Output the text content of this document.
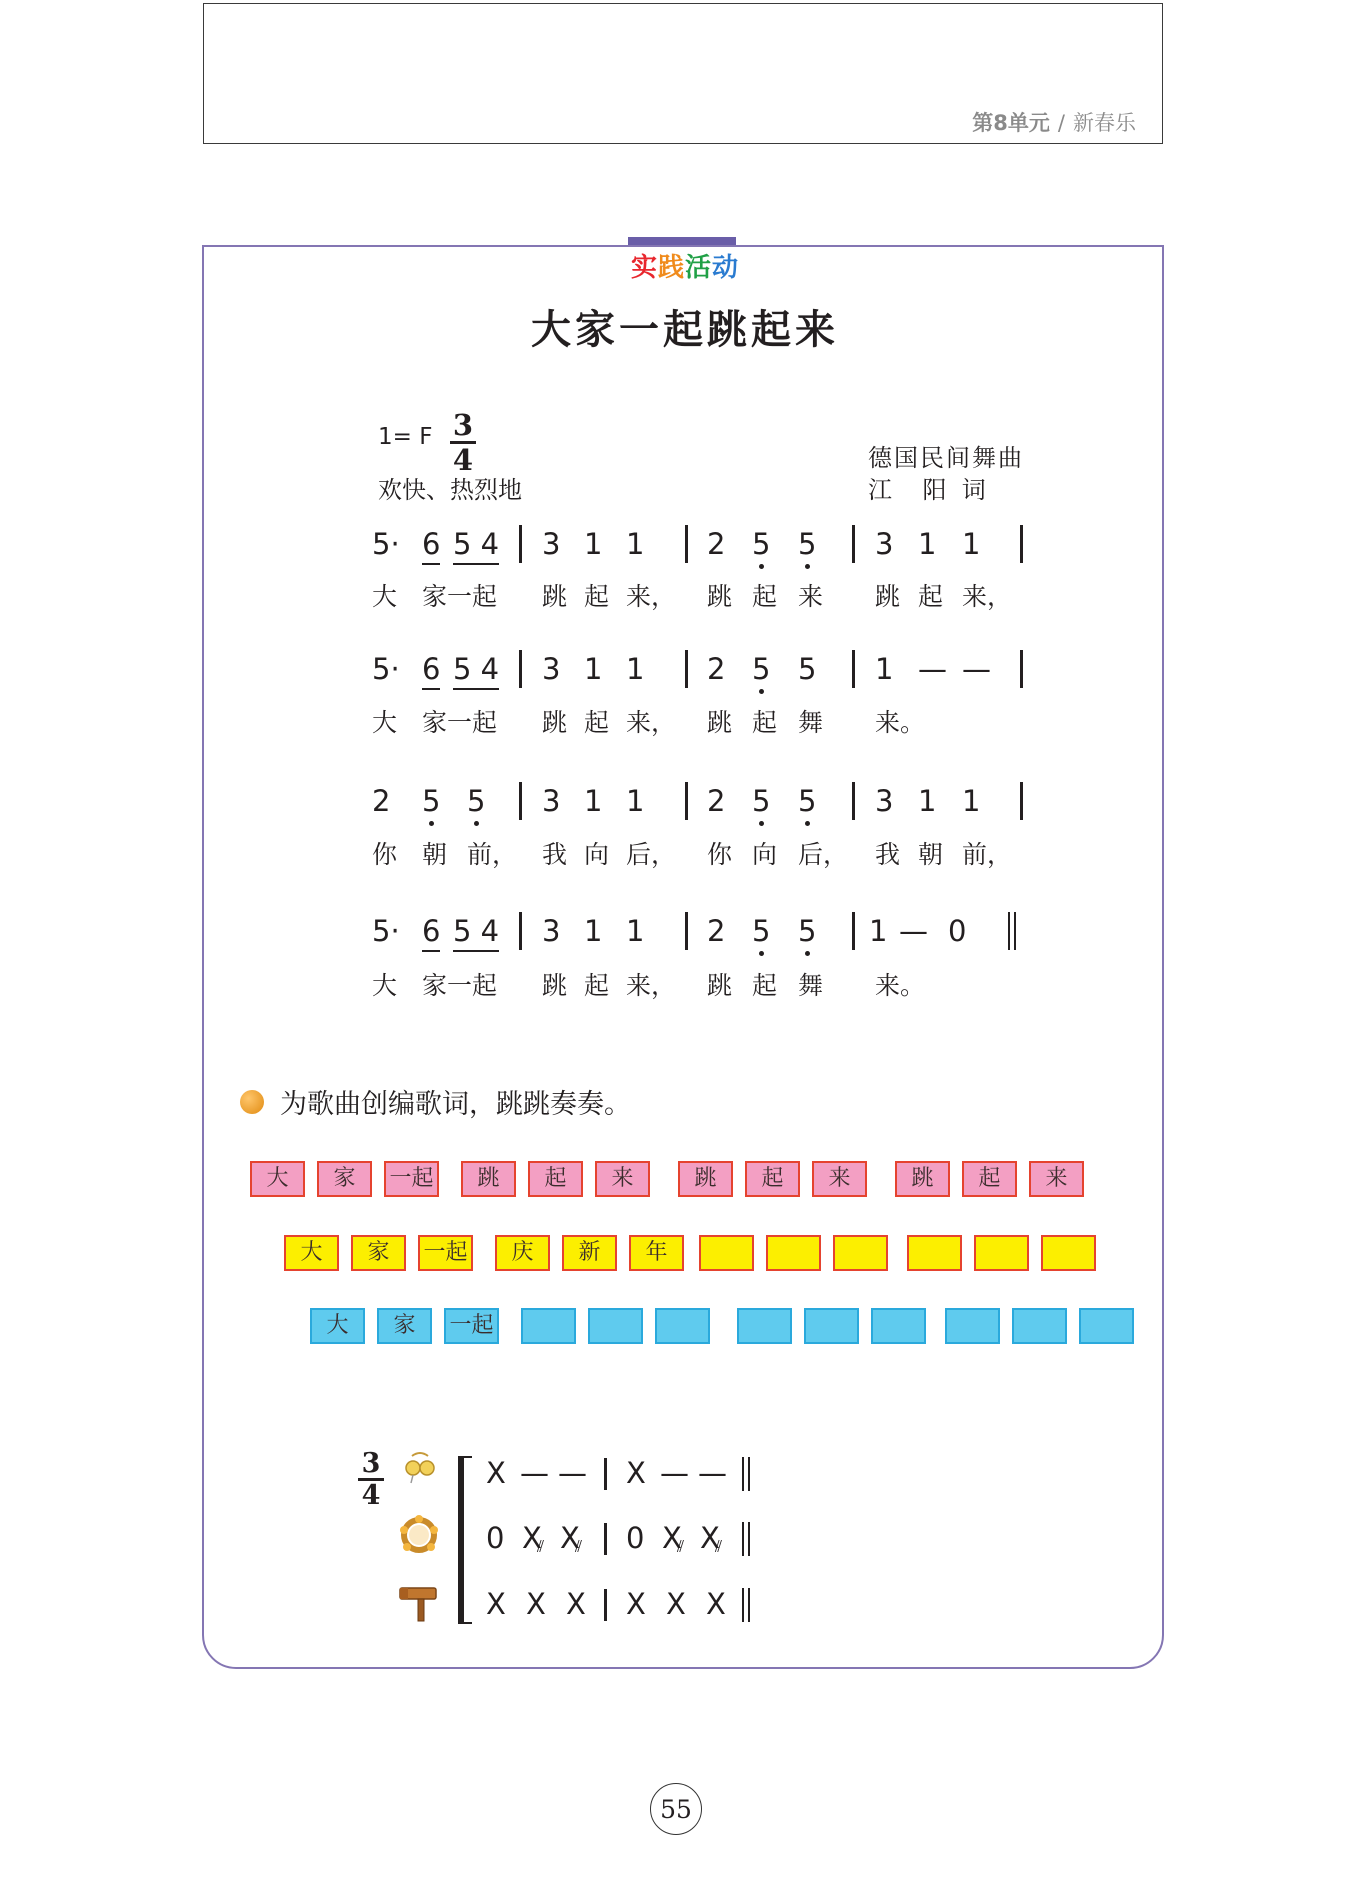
第8单元 / 新春乐
实践活动
大家一起跳起来
1= F 3
4
欢快、热烈地
德国民间舞曲
江    阳  词
5· 6 5 4 3 1 1 2 5 5 3 1 1
大 家一起 跳 起 来， 跳 起 来 跳 起 来，
5· 6 5 4 3 1 1 2 5 5 1 — —
大 家一起 跳 起 来， 跳 起 舞 来。
2 5 5 3 1 1 2 5 5 3 1 1
你 朝 前， 我 向 后， 你 向 后， 我 朝 前，
5· 6 5 4 3 1 1 2 5 5 1 — 0
大 家一起 跳 起 来， 跳 起 舞 来。
为歌曲创编歌词，跳跳奏奏。
大	家	一起	跳	起	来	跳	起	来	跳	起	来
大	家	一起	庆	新	年
大	家	一起
3
4
X — — X — —
0 X ⫽ X ⫽ 0 X ⫽ X ⫽
X X X X X X
55
